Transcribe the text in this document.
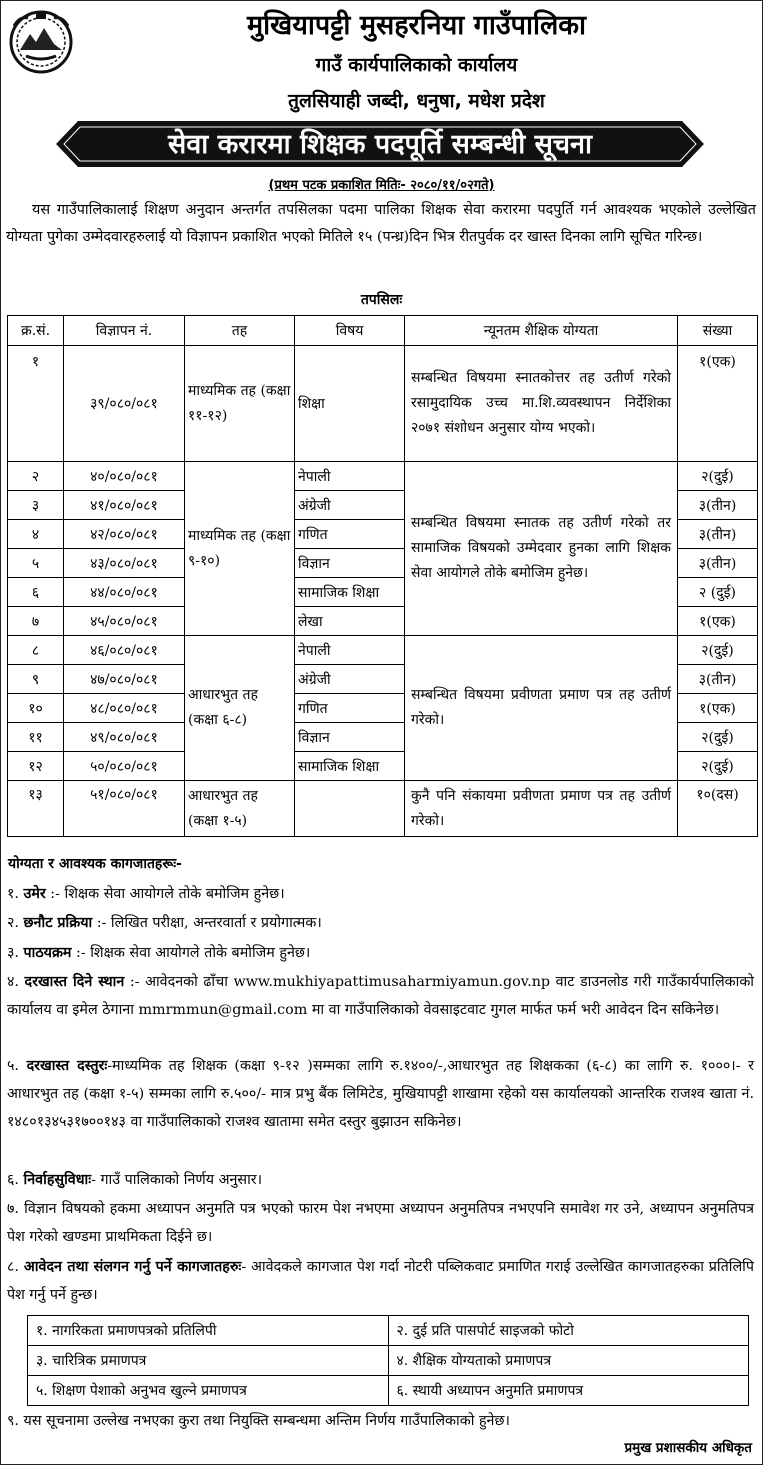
मुखियापट्टी मुसहरनिया गाउँपालिका
गाउँ कार्यपालिकाको कार्यालय
तुलसियाही जब्दी, धनुषा, मधेश प्रदेश
सेवा करारमा शिक्षक पदपूर्ति सम्बन्धी सूचना
(प्रथम पटक प्रकाशित मितिः- २०८०/११/०२गते)
यस गाउँपालिकालाई शिक्षण अनुदान अन्तर्गत तपसिलका पदमा पालिका शिक्षक सेवा करारमा पदपुर्ति गर्न आवश्यक भएकोले उल्लेखित योग्यता पुगेका उम्मेदवारहरुलाई यो विज्ञापन प्रकाशित भएको मितिले १५ (पन्ध्र)दिन भित्र रीतपुर्वक दर खास्त दिनका लागि सूचित गरिन्छ।
तपसिलः
क्र.सं.	विज्ञापन नं.	तह	विषय	न्यूनतम शैक्षिक योग्यता	संख्या
१	३९/०८०/०८१	माध्यमिक तह (कक्षा ११-१२)	शिक्षा	सम्बन्धित विषयमा स्नातकोत्तर तह उतीर्ण गरेको रसामुदायिक उच्च मा.शि.व्यवस्थापन निर्देशिका २०७१ संशोधन अनुसार योग्य भएको।	१(एक)
२	४०/०८०/०८१	माध्यमिक तह (कक्षा ९-१०)	नेपाली	सम्बन्धित विषयमा स्नातक तह उतीर्ण गरेको तर सामाजिक विषयको उम्मेदवार हुनका लागि शिक्षक सेवा आयोगले तोके बमोजिम हुनेछ।	२(दुई)
३	४१/०८०/०८१		अंग्रेजी		३(तीन)
४	४२/०८०/०८१		गणित		३(तीन)
५	४३/०८०/०८१		विज्ञान		३(तीन)
६	४४/०८०/०८१		सामाजिक शिक्षा		२ (दुई)
७	४५/०८०/०८१		लेखा		१(एक)
८	४६/०८०/०८१	आधारभुत तह (कक्षा ६-८)	नेपाली	सम्बन्धित विषयमा प्रवीणता प्रमाण पत्र तह उतीर्ण गरेको।	२(दुई)
९	४७/०८०/०८१		अंग्रेजी		३(तीन)
१०	४८/०८०/०८१		गणित		१(एक)
११	४९/०८०/०८१		विज्ञान		२(दुई)
१२	५०/०८०/०८१		सामाजिक शिक्षा		२(दुई)
१३	५१/०८०/०८१	आधारभुत तह (कक्षा १-५)		कुनै पनि संकायमा प्रवीणता प्रमाण पत्र तह उतीर्ण गरेको।	१०(दस)
योग्यता र आवश्यक कागजातहरूः-
१. उमेर :- शिक्षक सेवा आयोगले तोके बमोजिम हुनेछ।
२. छनौट प्रक्रिया :- लिखित परीक्षा, अन्तरवार्ता र प्रयोगात्मक।
३. पाठयक्रम :- शिक्षक सेवा आयोगले तोके बमोजिम हुनेछ।
४. दरखास्त दिने स्थान :- आवेदनको ढाँचा www.mukhiyapattimusaharmiyamun.gov.np वाट डाउनलोड गरी गाउँकार्यपालिकाको कार्यालय वा इमेल ठेगाना mmrmmun@gmail.com मा वा गाउँपालिकाको वेवसाइटवाट गुगल मार्फत फर्म भरी आवेदन दिन सकिनेछ।
५. दरखास्त दस्तुरः-माध्यमिक तह शिक्षक (कक्षा ९-१२ )सम्मका लागि रु.१४००/-,आधारभुत तह शिक्षकका (६-८) का लागि रु. १०००।- र आधारभुत तह (कक्षा १-५) सम्मका लागि रु.५००/- मात्र प्रभु बैंक लिमिटेड, मुखियापट्टी शाखामा रहेको यस कार्यालयको आन्तरिक राजश्व खाता नं. १४८०१३४५३१७००१४३ वा गाउँपालिकाको राजश्व खातामा समेत दस्तुर बुझाउन सकिनेछ।
६. निर्वाहसुविधाः- गाउँ पालिकाको निर्णय अनुसार।
७. विज्ञान विषयको हकमा अध्यापन अनुमति पत्र भएको फारम पेश नभएमा अध्यापन अनुमतिपत्र नभएपनि समावेश गर उने, अध्यापन अनुमतिपत्र पेश गरेको खण्डमा प्राथमिकता दिईने छ।
८. आवेदन तथा संलगन गर्नु पर्ने कागजातहरुः- आवेदकले कागजात पेश गर्दा नोटरी पब्लिकवाट प्रमाणित गराई उल्लेखित कागजातहरुका प्रतिलिपि पेश गर्नु पर्ने हुन्छ।
१. नागरिकता प्रमाणपत्रको प्रतिलिपी	२. दुई प्रति पासपोर्ट साइजको फोटो
३. चारित्रिक प्रमाणपत्र	४. शैक्षिक योग्यताको प्रमाणपत्र
५. शिक्षण पेशाको अनुभव खुल्ने प्रमाणपत्र	६. स्थायी अध्यापन अनुमति प्रमाणपत्र
९. यस सूचनामा उल्लेख नभएका कुरा तथा नियुक्ति सम्बन्धमा अन्तिम निर्णय गाउँपालिकाको हुनेछ।
प्रमुख प्रशासकीय अधिकृत
